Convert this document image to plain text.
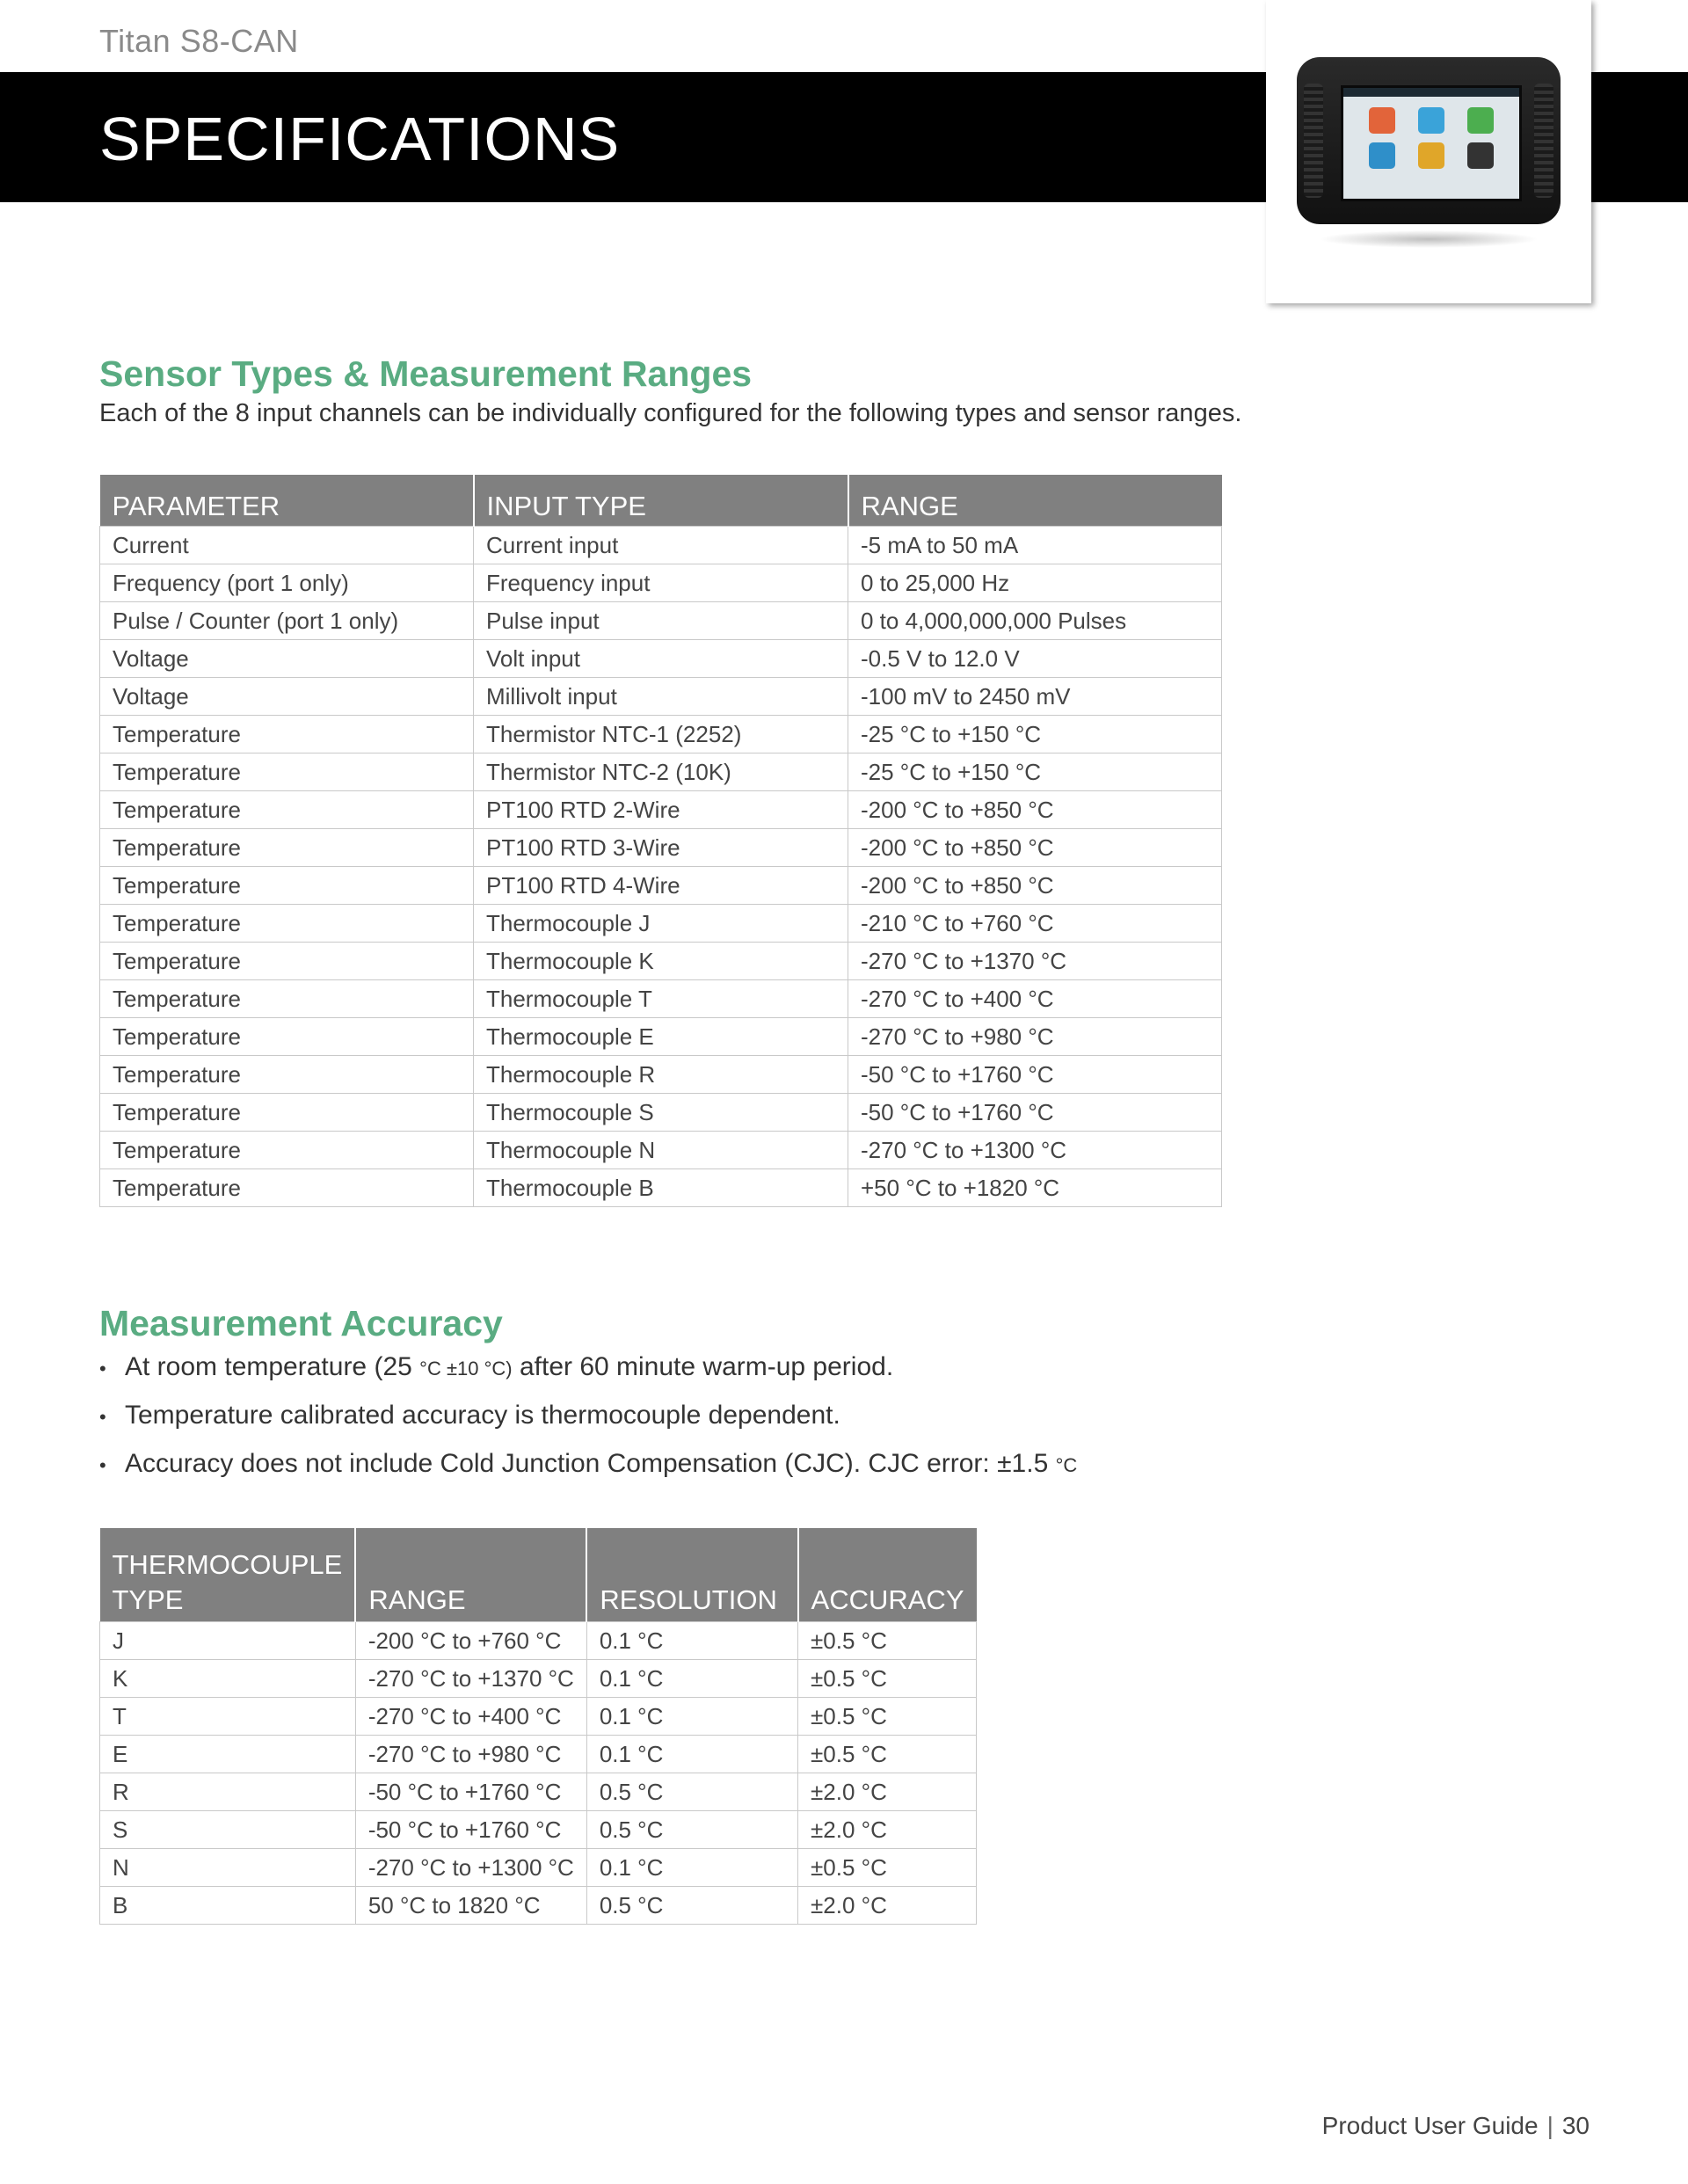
Titan S8-CAN
SPECIFICATIONS
Sensor Types & Measurement Ranges
Each of the 8 input channels can be individually configured for the following types and sensor ranges.
PARAMETER	INPUT TYPE	RANGE
Current	Current input	-5 mA to 50 mA
Frequency (port 1 only)	Frequency input	0 to 25,000 Hz
Pulse / Counter (port 1 only)	Pulse input	0 to 4,000,000,000 Pulses
Voltage	Volt input	-0.5 V to 12.0 V
Voltage	Millivolt input	-100 mV to 2450 mV
Temperature	Thermistor NTC-1 (2252)	-25 °C to +150 °C
Temperature	Thermistor NTC-2 (10K)	-25 °C to +150 °C
Temperature	PT100 RTD 2-Wire	-200 °C to +850 °C
Temperature	PT100 RTD 3-Wire	-200 °C to +850 °C
Temperature	PT100 RTD 4-Wire	-200 °C to +850 °C
Temperature	Thermocouple J	-210 °C to +760 °C
Temperature	Thermocouple K	-270 °C to +1370 °C
Temperature	Thermocouple T	-270 °C to +400 °C
Temperature	Thermocouple E	-270 °C to +980 °C
Temperature	Thermocouple R	-50 °C to +1760 °C
Temperature	Thermocouple S	-50 °C to +1760 °C
Temperature	Thermocouple N	-270 °C to +1300 °C
Temperature	Thermocouple B	+50 °C to +1820 °C
Measurement Accuracy
• At room temperature (25 °C ±10 °C) after 60 minute warm-up period.
• Temperature calibrated accuracy is thermocouple dependent.
• Accuracy does not include Cold Junction Compensation (CJC). CJC error: ±1.5 °C
THERMOCOUPLE TYPE	RANGE	RESOLUTION	ACCURACY
J	-200 °C to +760 °C	0.1 °C	±0.5 °C
K	-270 °C to +1370 °C	0.1 °C	±0.5 °C
T	-270 °C to +400 °C	0.1 °C	±0.5 °C
E	-270 °C to +980 °C	0.1 °C	±0.5 °C
R	-50 °C to +1760 °C	0.5 °C	±2.0 °C
S	-50 °C to +1760 °C	0.5 °C	±2.0 °C
N	-270 °C to +1300 °C	0.1 °C	±0.5 °C
B	50 °C to 1820 °C	0.5 °C	±2.0 °C
Product User Guide | 30
